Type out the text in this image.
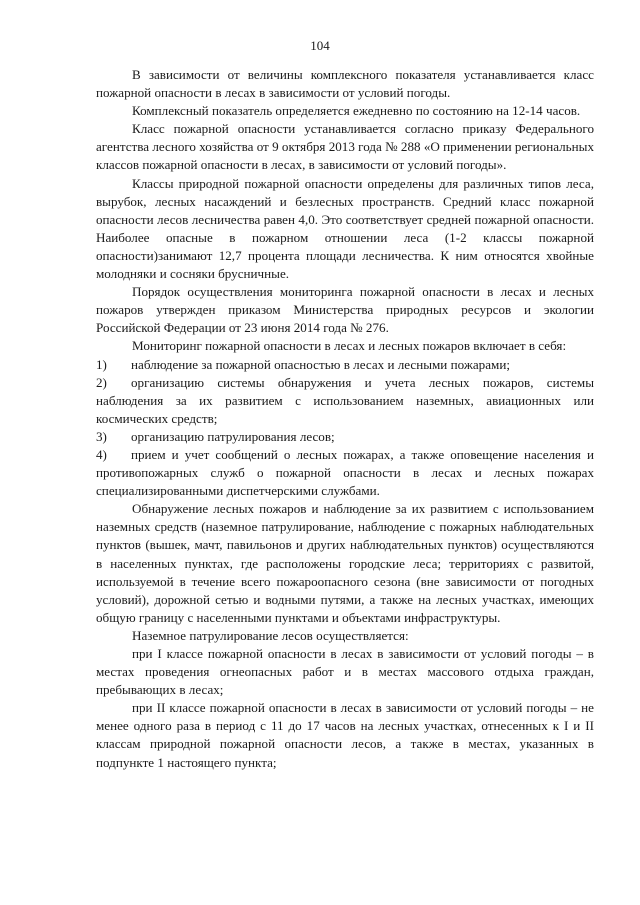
104

В зависимости от величины комплексного показателя устанавливается класс пожарной опасности в лесах в зависимости от условий погоды.

Комплексный показатель определяется ежедневно по состоянию на 12-14 часов.

Класс пожарной опасности устанавливается согласно приказу Федерального агентства лесного хозяйства от 9 октября 2013 года № 288 «О применении региональных классов пожарной опасности в лесах, в зависимости от условий погоды».

Классы природной пожарной опасности определены для различных типов леса, вырубок, лесных насаждений и безлесных пространств. Средний класс пожарной опасности лесов лесничества равен 4,0. Это соответствует средней пожарной опасности. Наиболее опасные в пожарном отношении леса (1-2 классы пожарной опасности)занимают 12,7 процента площади лесничества. К ним относятся хвойные молодняки и сосняки брусничные.

Порядок осуществления мониторинга пожарной опасности в лесах и лесных пожаров утвержден приказом Министерства природных ресурсов и экологии Российской Федерации от 23 июня 2014 года № 276.

Мониторинг пожарной опасности в лесах и лесных пожаров включает в себя:

1)	наблюдение за пожарной опасностью в лесах и лесными пожарами;
2)	организацию системы обнаружения и учета лесных пожаров, системы наблюдения за их развитием с использованием наземных, авиационных или космических средств;
3)	организацию патрулирования лесов;
4)	прием и учет сообщений о лесных пожарах, а также оповещение населения и противопожарных служб о пожарной опасности в лесах и лесных пожарах специализированными диспетчерскими службами.

Обнаружение лесных пожаров и наблюдение за их развитием с использованием наземных средств (наземное патрулирование, наблюдение с пожарных наблюдательных пунктов (вышек, мачт, павильонов и других наблюдательных пунктов) осуществляются в населенных пунктах, где расположены городские леса; территориях с развитой, используемой в течение всего пожароопасного сезона (вне зависимости от погодных условий), дорожной сетью и водными путями, а также на лесных участках, имеющих общую границу с населенными пунктами и объектами инфраструктуры.

Наземное патрулирование лесов осуществляется:

при I классе пожарной опасности в лесах в зависимости от условий погоды – в местах проведения огнеопасных работ и в местах массового отдыха граждан, пребывающих в лесах;

при II классе пожарной опасности в лесах в зависимости от условий погоды – не менее одного раза в период с 11 до 17 часов на лесных участках, отнесенных к I и II классам природной пожарной опасности лесов, а также в местах, указанных в подпункте 1 настоящего пункта;
